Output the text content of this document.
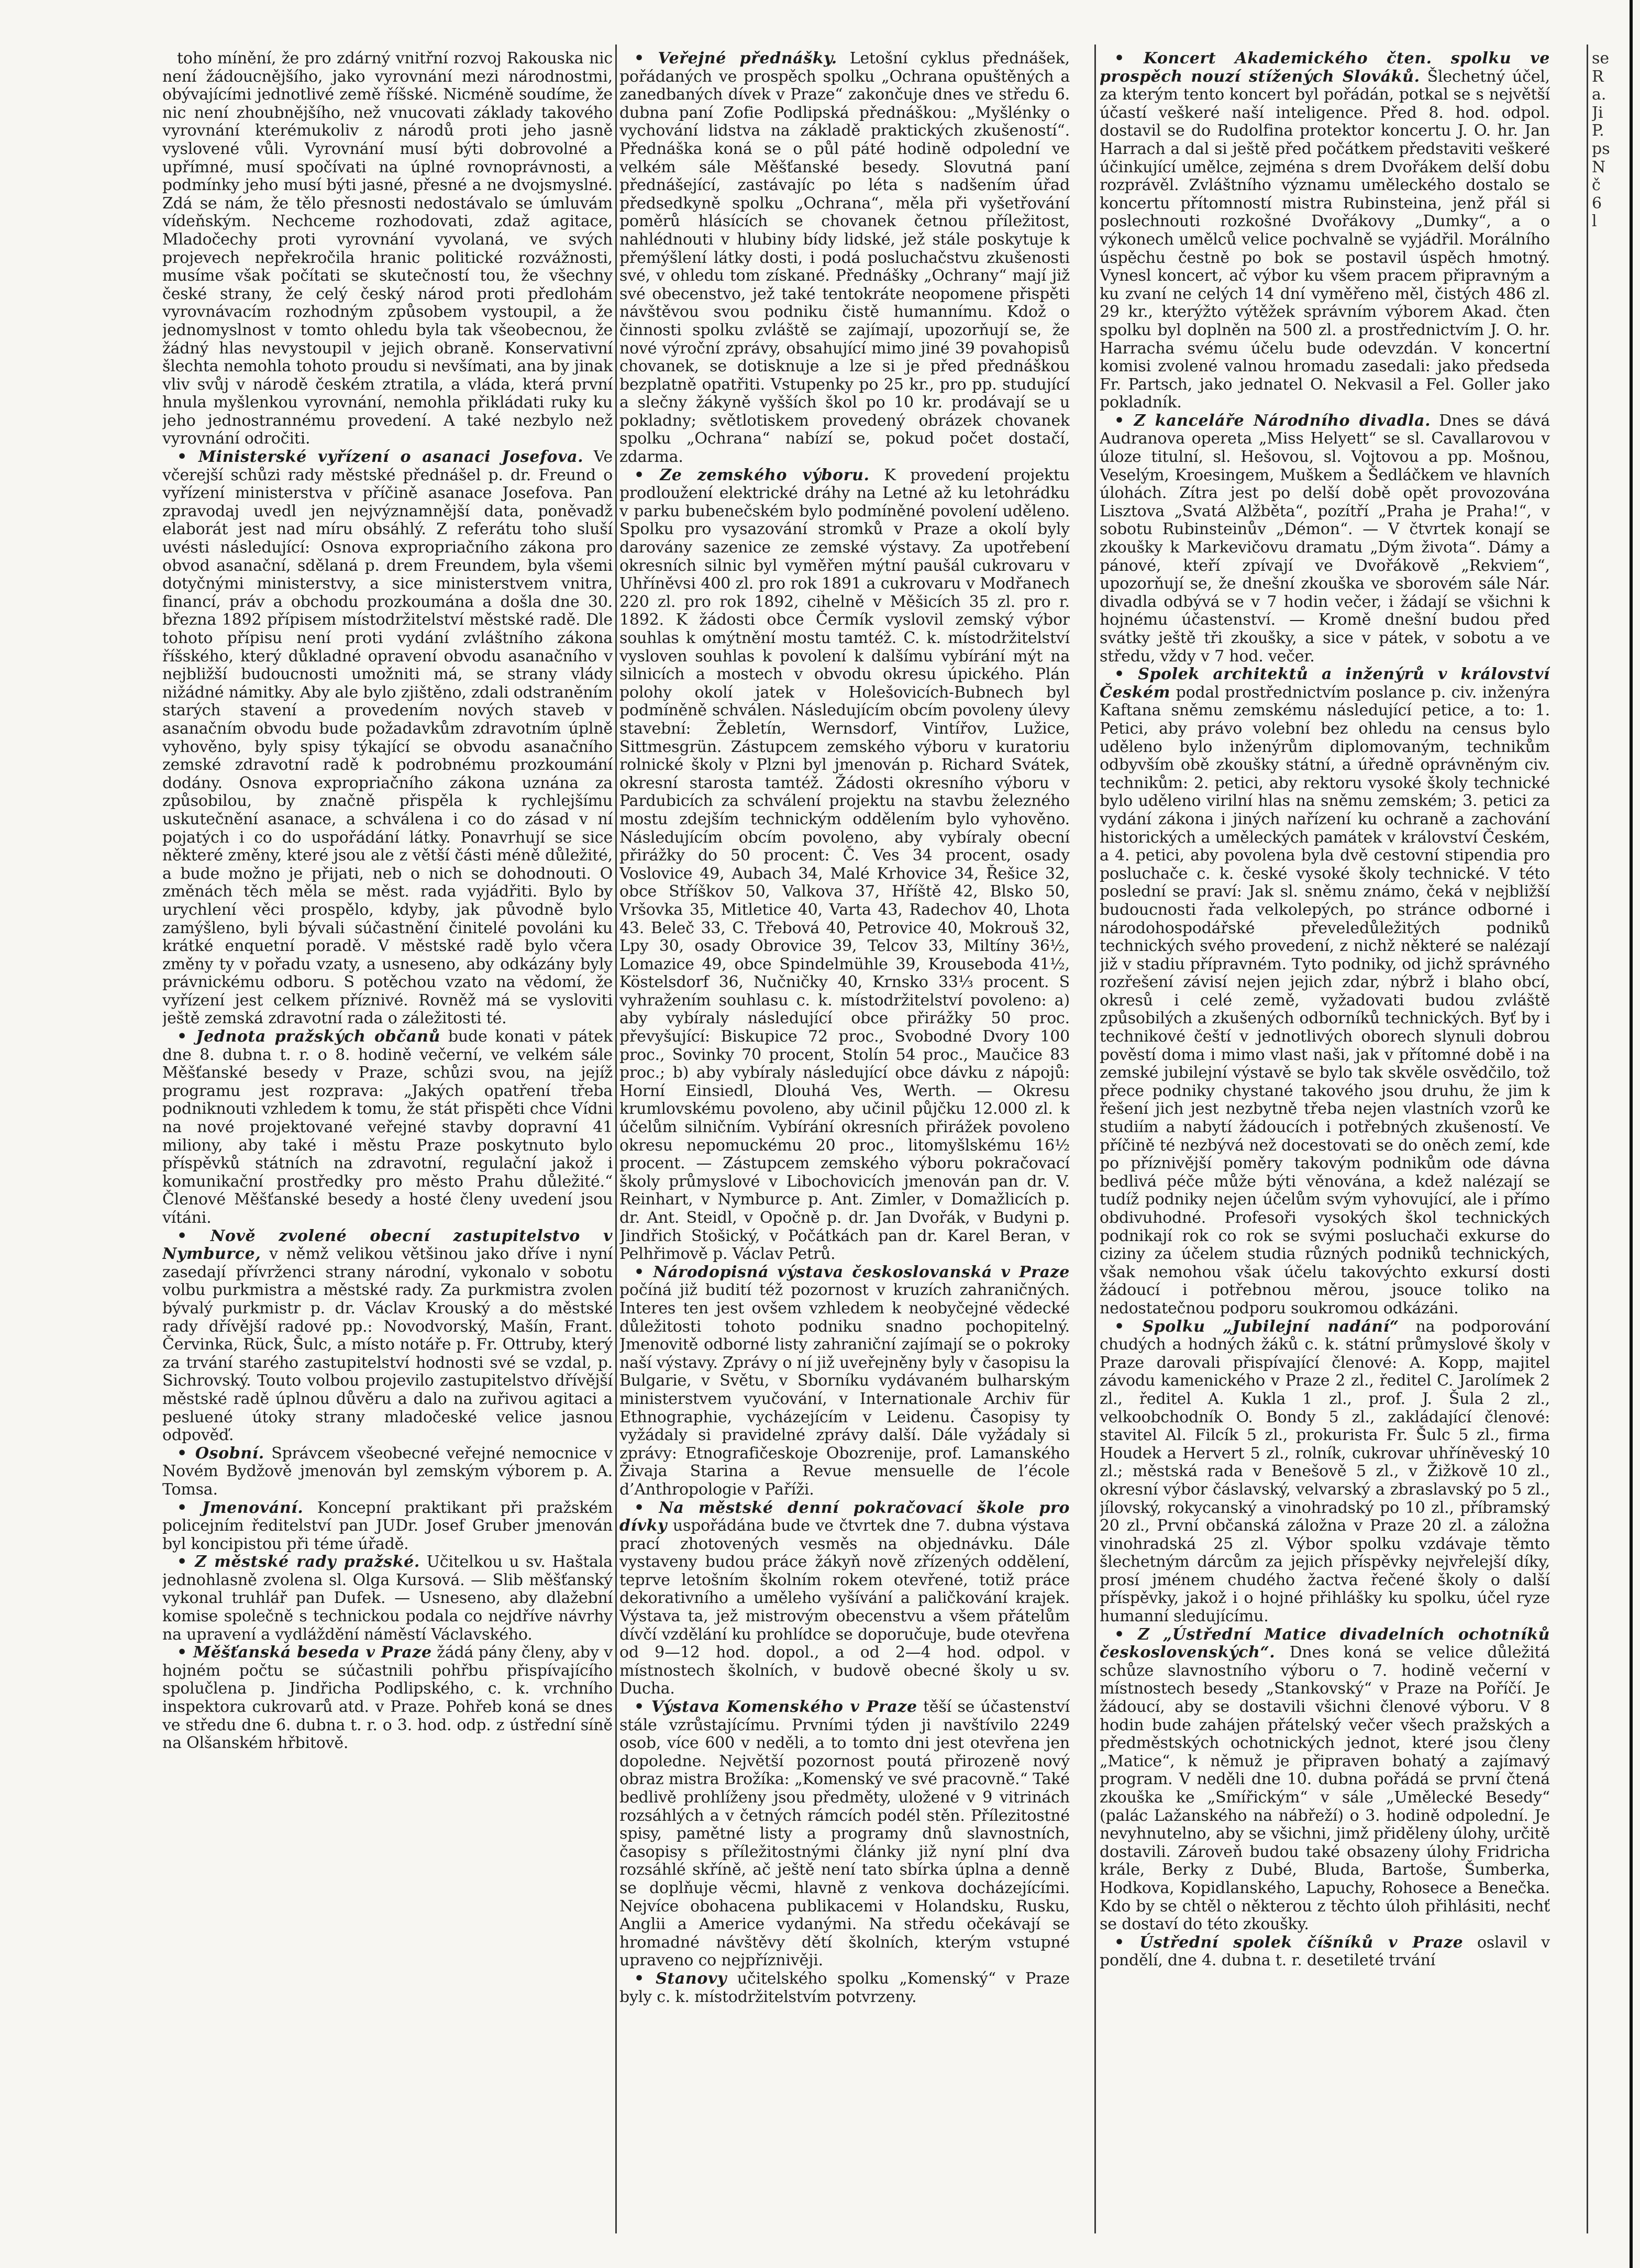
toho mínění, že pro zdárný vnitřní rozvoj Rakouska nic není žádoucnějšího, jako vyrovnání mezi národnostmi, obývajícími jednotlivé země říšské. Nicméně soudíme, že nic není zhoubnějšího, než vnucovati základy takového vyrovnání kterémukoliv z národů proti jeho jasně vyslovené vůli. Vyrovnání musí býti dobrovolné a upřímné, musí spočívati na úplné rovnoprávnosti, a podmínky jeho musí býti jasné, přesné a ne dvojsmyslné. Zdá se nám, že tělo přesnosti nedostávalo se úmluvám vídeňským. Nechceme rozhodovati, zdaž agitace, Mladočechy proti vyrovnání vyvolaná, ve svých projevech nepřekročila hranic politické rozvážnosti, musíme však počítati se skutečností tou, že všechny české strany, že celý český národ proti předlohám vyrovnávacím rozhodným způsobem vystoupil, a že jednomyslnost v tomto ohledu byla tak všeobecnou, že žádný hlas nevystoupil v jejich obraně. Konservativní šlechta nemohla tohoto proudu si nevšímati, ana by jinak vliv svůj v národě českém ztratila, a vláda, která první hnula myšlenkou vyrovnání, nemohla přikládati ruky ku jeho jednostrannému provedení. A také nezbylo než vyrovnání odročiti.

• Ministerské vyřízení o asanaci Josefova. Ve včerejší schůzi rady městské přednášel p. dr. Freund o vyřízení ministerstva v příčině asanace Josefova. Pan zpravodaj uvedl jen nejvýznamnější data, poněvadž elaborát jest nad míru obsáhlý. Z referátu toho sluší uvésti následující: Osnova expropriačního zákona pro obvod asanační, sdělaná p. drem Freundem, byla všemi dotyčnými ministerstvy, a sice ministerstvem vnitra, financí, práv a obchodu prozkoumána a došla dne 30. března 1892 přípisem místodržitelství městské radě. Dle tohoto přípisu není proti vydání zvláštního zákona říšského, který důkladné opravení obvodu asanačního v nejbližší budoucnosti umožniti má, se strany vlády nižádné námitky. Aby ale bylo zjištěno, zdali odstraněním starých stavení a provedením nových staveb v asanačním obvodu bude požadavkům zdravotním úplně vyhověno, byly spisy týkající se obvodu asanačního zemské zdravotní radě k podrobnému prozkoumání dodány. Osnova expropriačního zákona uznána za způsobilou, by značně přispěla k rychlejšímu uskutečnění asanace, a schválena i co do zásad v ní pojatých i co do uspořádání látky. Ponavrhují se sice některé změny, které jsou ale z větší části méně důležité, a bude možno je přijati, neb o nich se dohodnouti. O změnách těch měla se měst. rada vyjádřiti. Bylo by urychlení věci prospělo, kdyby, jak původně bylo zamýšleno, byli bývali súčastnění činitelé povoláni ku krátké enquetní poradě. V městské radě bylo včera změny ty v pořadu vzaty, a usneseno, aby odkázány byly právnickému odboru. S potěchou vzato na vědomí, že vyřízení jest celkem příznivé. Rovněž má se vysloviti ještě zemská zdravotní rada o záležitosti té.

• Jednota pražských občanů bude konati v pátek dne 8. dubna t. r. o 8. hodině večerní, ve velkém sále Měšťanské besedy v Praze, schůzi svou, na jejíž programu jest rozprava: „Jakých opatření třeba podniknouti vzhledem k tomu, že stát přispěti chce Vídni na nové projektované veřejné stavby dopravní 41 miliony, aby také i městu Praze poskytnuto bylo příspěvků státních na zdravotní, regulační jakož i komunikační prostředky pro město Prahu důležité.“ Členové Měšťanské besedy a hosté členy uvedení jsou vítáni.

• Nově zvolené obecní zastupitelstvo v Nymburce, v němž velikou většinou jako dříve i nyní zasedají přívrženci strany národní, vykonalo v sobotu volbu purkmistra a městské rady. Za purkmistra zvolen bývalý purkmistr p. dr. Václav Krouský a do městské rady dřívější radové pp.: Novodvorský, Mašín, Frant. Červinka, Rück, Šulc, a místo notáře p. Fr. Ottruby, který za trvání starého zastupitelství hodnosti své se vzdal, p. Sichrovský. Touto volbou projevilo zastupitelstvo dřívější městské radě úplnou důvěru a dalo na zuřivou agitaci a pesluené útoky strany mladočeské velice jasnou odpověď.

• Osobní. Správcem všeobecné veřejné nemocnice v Novém Bydžově jmenován byl zemským výborem p. A. Tomsa.

• Jmenování. Koncepní praktikant při pražském policejním ředitelství pan JUDr. Josef Gruber jmenován byl koncipistou při téme úřadě.

• Z městské rady pražské. Učitelkou u sv. Haštala jednohlasně zvolena sl. Olga Kursová. — Slib měšťanský vykonal truhlář pan Dufek. — Usneseno, aby dlažební komise společně s technickou podala co nejdříve návrhy na upravení a vydláždění náměstí Václavského.

• Měšťanská beseda v Praze žádá pány členy, aby v hojném počtu se súčastnili pohřbu přispívajícího spolučlena p. Jindřicha Podlipského, c. k. vrchního inspektora cukrovarů atd. v Praze. Pohřeb koná se dnes ve středu dne 6. dubna t. r. o 3. hod. odp. z ústřední síně na Olšanském hřbitově.

• Veřejné přednášky. Letošní cyklus přednášek, pořádaných ve prospěch spolku „Ochrana opuštěných a zanedbaných dívek v Praze“ zakončuje dnes ve středu 6. dubna paní Zofie Podlipská přednáškou: „Myšlénky o vychování lidstva na základě praktických zkušeností“. Přednáška koná se o půl páté hodině odpolední ve velkém sále Měšťanské besedy. Slovutná paní přednášející, zastávajíc po léta s nadšením úřad předsedkyně spolku „Ochrana“, měla při vyšetřování poměrů hlásících se chovanek četnou příležitost, nahlédnouti v hlubiny bídy lidské, jež stále poskytuje k přemýšlení látky dosti, i podá posluchačstvu zkušenosti své, v ohledu tom získané. Přednášky „Ochrany“ mají již své obecenstvo, jež také tentokráte neopomene přispěti návštěvou svou podniku čistě humannímu. Kdož o činnosti spolku zvláště se zajímají, upozorňují se, že nové výroční zprávy, obsahující mimo jiné 39 povahopisů chovanek, se dotisknuje a lze si je před přednáškou bezplatně opatřiti. Vstupenky po 25 kr., pro pp. studující a slečny žákyně vyšších škol po 10 kr. prodávají se u pokladny; světlotiskem provedený obrázek chovanek spolku „Ochrana“ nabízí se, pokud počet dostačí, zdarma.

• Ze zemského výboru. K provedení projektu prodloužení elektrické dráhy na Letné až ku letohrádku v parku bubenečském bylo podmíněné povolení uděleno. Spolku pro vysazování stromků v Praze a okolí byly darovány sazenice ze zemské výstavy. Za upotřebení okresních silnic byl vyměřen mýtní paušál cukrovaru v Uhříněvsi 400 zl. pro rok 1891 a cukrovaru v Modřanech 220 zl. pro rok 1892, cihelně v Měšicích 35 zl. pro r. 1892. K žádosti obce Čermík vyslovil zemský výbor souhlas k omýtnění mostu tamtéž. C. k. místodržitelství vysloven souhlas k povolení k dalšímu vybírání mýt na silnicích a mostech v obvodu okresu úpického. Plán polohy okolí jatek v Holešovicích-Bubnech byl podmíněně schválen. Následujícím obcím povoleny úlevy stavební: Žebletín, Wernsdorf, Vintířov, Lužice, Sittmesgrün. Zástupcem zemského výboru v kuratoriu rolnické školy v Plzni byl jmenován p. Richard Svátek, okresní starosta tamtéž. Žádosti okresního výboru v Pardubicích za schválení projektu na stavbu železného mostu zdejším technickým oddělením bylo vyhověno. Následujícím obcím povoleno, aby vybíraly obecní přirážky do 50 procent: Č. Ves 34 procent, osady Voslovice 49, Aubach 34, Malé Krhovice 34, Řešice 32, obce Stříškov 50, Valkova 37, Hříště 42, Blsko 50, Vršovka 35, Mitletice 40, Varta 43, Radechov 40, Lhota 43. Beleč 33, C. Třebová 40, Petrovice 40, Mokrouš 32, Lpy 30, osady Obrovice 39, Telcov 33, Miltíny 36½, Lomazice 49, obce Spindelmühle 39, Krouseboda 41½, Köstelsdorf 36, Nučničky 40, Krnsko 33⅓ procent. S vyhražením souhlasu c. k. místodržitelství povoleno: a) aby vybíraly následující obce přirážky 50 proc. převyšující: Biskupice 72 proc., Svobodné Dvory 100 proc., Sovinky 70 procent, Stolín 54 proc., Maučice 83 proc.; b) aby vybíraly následující obce dávku z nápojů: Horní Einsiedl, Dlouhá Ves, Werth. — Okresu krumlovskému povoleno, aby učinil půjčku 12.000 zl. k účelům silničním. Vybírání okresních přirážek povoleno okresu nepomuckému 20 proc., litomyšlskému 16½ procent. — Zástupcem zemského výboru pokračovací školy průmyslové v Libochovicích jmenován pan dr. V. Reinhart, v Nymburce p. Ant. Zimler, v Domažlicích p. dr. Ant. Steidl, v Opočně p. dr. Jan Dvořák, v Budyni p. Jindřich Stošický, v Počátkách pan dr. Karel Beran, v Pelhřimově p. Václav Petrů.

• Národopisná výstava českoslovanská v Praze počíná již budití též pozornost v kruzích zahraničných. Interes ten jest ovšem vzhledem k neobyčejné vědecké důležitosti tohoto podniku snadno pochopitelný. Jmenovitě odborné listy zahraniční zajímají se o pokroky naší výstavy. Zprávy o ní již uveřejněny byly v časopisu la Bulgarie, v Světu, v Sborníku vydávaném bulharským ministerstvem vyučování, v Internationale Archiv für Ethnographie, vycházejícím v Leidenu. Časopisy ty vyžádaly si pravidelné zprávy další. Dále vyžádaly si zprávy: Etnografičeskoje Obozrenije, prof. Lamanského Živaja Starina a Revue mensuelle de l’école d’Anthropologie v Paříži.

• Na městské denní pokračovací škole pro dívky uspořádána bude ve čtvrtek dne 7. dubna výstava prací zhotovených vesměs na objednávku. Dále vystaveny budou práce žákyň nově zřízených oddělení, teprve letošním školním rokem otevřené, totiž práce dekorativního a uměleho vyšívání a paličkování krajek. Výstava ta, jež mistrovým obecenstvu a všem přátelům dívčí vzdělání ku prohlídce se doporučuje, bude otevřena od 9—12 hod. dopol., a od 2—4 hod. odpol. v místnostech školních, v budově obecné školy u sv. Ducha.

• Výstava Komenského v Praze těší se účastenství stále vzrůstajícímu. Prvními týden ji navštívilo 2249 osob, více 600 v neděli, a to tomto dni jest otevřena jen dopoledne. Největší pozornost poutá přirozeně nový obraz mistra Brožíka: „Komenský ve své pracovně.“ Také bedlivě prohlíženy jsou předměty, uložené v 9 vitrinách rozsáhlých a v četných rámcích podél stěn. Přílezitostné spisy, pamětné listy a programy dnů slavnostních, časopisy s příležitostnými články již nyní plní dva rozsáhlé skříně, ač ještě není tato sbírka úplna a denně se doplňuje věcmi, hlavně z venkova docházejícími. Nejvíce obohacena publikacemi v Holandsku, Rusku, Anglii a Americe vydanými. Na středu očekávají se hromadné návštěvy dětí školních, kterým vstupné upraveno co nejpříznivěji.

• Stanovy učitelského spolku „Komenský“ v Praze byly c. k. místodržitelstvím potvrzeny.

• Koncert Akademického čten. spolku ve prospěch nouzí stížených Slováků. Šlechetný účel, za kterým tento koncert byl pořádán, potkal se s největší účastí veškeré naší inteligence. Před 8. hod. odpol. dostavil se do Rudolfina protektor koncertu J. O. hr. Jan Harrach a dal si ještě před počátkem představiti veškeré účinkující umělce, zejména s drem Dvořákem delší dobu rozprávěl. Zvláštního významu uměleckého dostalo se koncertu přítomností mistra Rubinsteina, jenž přál si poslechnouti rozkošné Dvořákovy „Dumky“, a o výkonech umělců velice pochvalně se vyjádřil. Morálního úspěchu čestně po bok se postavil úspěch hmotný. Vynesl koncert, ač výbor ku všem pracem připravným a ku zvaní ne celých 14 dní vyměřeno měl, čistých 486 zl. 29 kr., kterýžto výtěžek správním výborem Akad. čten spolku byl doplněn na 500 zl. a prostřednictvím J. O. hr. Harracha svému účelu bude odevzdán. V koncertní komisi zvolené valnou hromadu zasedali: jako předseda Fr. Partsch, jako jednatel O. Nekvasil a Fel. Goller jako pokladník.

• Z kanceláře Národního divadla. Dnes se dává Audranova opereta „Miss Helyett“ se sl. Cavallarovou v úloze titulní, sl. Hešovou, sl. Vojtovou a pp. Mošnou, Veselým, Kroesingem, Muškem a Šedláčkem ve hlavních úlohách. Zítra jest po delší době opět provozována Lisztova „Svatá Alžběta“, pozítří „Praha je Praha!“, v sobotu Rubinsteinův „Démon“. — V čtvrtek konají se zkoušky k Markevičovu dramatu „Dým života“. Dámy a pánové, kteří zpívají ve Dvořákově „Rekviem“, upozorňují se, že dnešní zkouška ve sborovém sále Nár. divadla odbývá se v 7 hodin večer, i žádají se všichni k hojnému účastenství. — Kromě dnešní budou před svátky ještě tři zkoušky, a sice v pátek, v sobotu a ve středu, vždy v 7 hod. večer.

• Spolek architektů a inženýrů v království Českém podal prostřednictvím poslance p. civ. inženýra Kaftana sněmu zemskému následující petice, a to: 1. Petici, aby právo volební bez ohledu na census bylo uděleno bylo inženýrům diplomovaným, technikům odbyvším obě zkoušky státní, a úředně oprávněným civ. technikům: 2. petici, aby rektoru vysoké školy technické bylo uděleno virilní hlas na sněmu zemském; 3. petici za vydání zákona i jiných nařízení ku ochraně a zachování historických a uměleckých památek v království Českém, a 4. petici, aby povolena byla dvě cestovní stipendia pro posluchače c. k. české vysoké školy technické. V této poslední se praví: Jak sl. sněmu známo, čeká v nejbližší budoucnosti řada velkolepých, po stránce odborné i národohospodářské převeledůležitých podniků technických svého provedení, z nichž některé se nalézají již v stadiu přípravném. Tyto podniky, od jichž správného rozřešení závisí nejen jejich zdar, nýbrž i blaho obcí, okresů i celé země, vyžadovati budou zvláště způsobilých a zkušených odborníků technických. Byť by i technikové čeští v jednotlivých oborech slynuli dobrou pověstí doma i mimo vlast naši, jak v přítomné době i na zemské jubilejní výstavě se bylo tak skvěle osvědčilo, tož přece podniky chystané takového jsou druhu, že jim k řešení jich jest nezbytně třeba nejen vlastních vzorů ke studiím a nabytí žádoucích i potřebných zkušeností. Ve příčině té nezbývá než docestovati se do oněch zemí, kde po příznivější poměry takovým podnikům ode dávna bedlivá péče může býti věnována, a kdež nalézají se tudíž podniky nejen účelům svým vyhovující, ale i přímo obdivuhodné. Profesoři vysokých škol technických podnikají rok co rok se svými posluchači exkurse do ciziny za účelem studia různých podniků technických, však nemohou však účelu takovýchto exkursí dosti žádoucí i potřebnou měrou, jsouce toliko na nedostatečnou podporu soukromou odkázáni.

• Spolku „Jubilejní nadání“ na podporování chudých a hodných žáků c. k. státní průmyslové školy v Praze darovali přispívající členové: A. Kopp, majitel závodu kamenického v Praze 2 zl., ředitel C. Jarolímek 2 zl., ředitel A. Kukla 1 zl., prof. J. Šula 2 zl., velkoobchodník O. Bondy 5 zl., zakládající členové: stavitel Al. Filcík 5 zl., prokurista Fr. Šulc 5 zl., firma Houdek a Hervert 5 zl., rolník, cukrovar uhříněveský 10 zl.; městská rada v Benešově 5 zl., v Žižkově 10 zl., okresní výbor čáslavský, velvarský a zbraslavský po 5 zl., jílovský, rokycanský a vinohradský po 10 zl., příbramský 20 zl., První občanská záložna v Praze 20 zl. a záložna vinohradská 25 zl. Výbor spolku vzdávaje těmto šlechetným dárcům za jejich příspěvky nejvřelejší díky, prosí jménem chudého žactva řečené školy o další příspěvky, jakož i o hojné přihlášky ku spolku, účel ryze humanní sledujícímu.

• Z „Ústřední Matice divadelních ochotníků československých“. Dnes koná se velice důležitá schůze slavnostního výboru o 7. hodině večerní v místnostech besedy „Stankovský“ v Praze na Poříčí. Je žádoucí, aby se dostavili všichni členové výboru. V 8 hodin bude zahájen přátelský večer všech pražských a předměstských ochotnických jednot, které jsou členy „Matice“, k němuž je připraven bohatý a zajímavý program. V neděli dne 10. dubna pořádá se první čtená zkouška ke „Smířickým“ v sále „Umělecké Besedy“ (palác Lažanského na nábřeží) o 3. hodině odpolední. Je nevyhnutelno, aby se všichni, jimž přiděleny úlohy, určitě dostavili. Zároveň budou také obsazeny úlohy Fridricha krále, Berky z Dubé, Bluda, Bartoše, Šumberka, Hodkova, Kopidlanského, Lapuchy, Rohosece a Benečka. Kdo by se chtěl o některou z těchto úloh přihlásiti, nechť se dostaví do této zkoušky.

• Ústřední spolek číšníků v Praze oslavil v pondělí, dne 4. dubna t. r. desetileté trvání

se
R
a.
Ji
P.
ps
N
č
6
l
